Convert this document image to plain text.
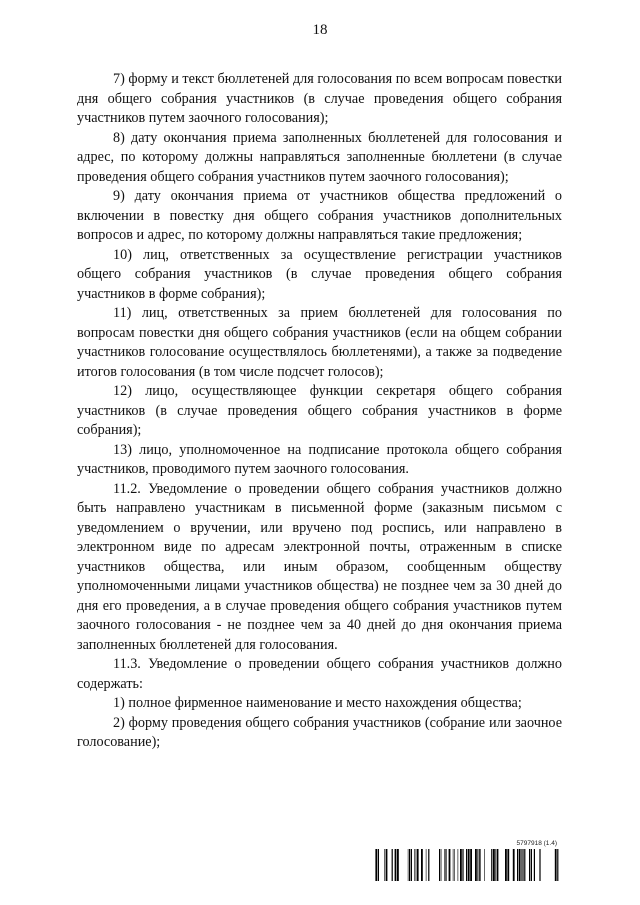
18

7) форму и текст бюллетеней для голосования по всем вопросам повестки дня общего собрания участников (в случае проведения общего собрания участников путем заочного голосования);

8) дату окончания приема заполненных бюллетеней для голосования и адрес, по которому должны направляться заполненные бюллетени (в случае проведения общего собрания участников путем заочного голосования);

9) дату окончания приема от участников общества предложений о включении в повестку дня общего собрания участников дополнительных вопросов и адрес, по которому должны направляться такие предложения;

10) лиц, ответственных за осуществление регистрации участников общего собрания участников (в случае проведения общего собрания участников в форме собрания);

11) лиц, ответственных за прием бюллетеней для голосования по вопросам повестки дня общего собрания участников (если на общем собрании участников голосование осуществлялось бюллетенями), а также за подведение итогов голосования (в том числе подсчет голосов);

12) лицо, осуществляющее функции секретаря общего собрания участников (в случае проведения общего собрания участников в форме собрания);

13) лицо, уполномоченное на подписание протокола общего собрания участников, проводимого путем заочного голосования.

11.2. Уведомление о проведении общего собрания участников должно быть направлено участникам в письменной форме (заказным письмом с уведомлением о вручении, или вручено под роспись, или направлено в электронном виде по адресам электронной почты, отраженным в списке участников общества, или иным образом, сообщенным обществу уполномоченными лицами участников общества) не позднее чем за 30 дней до дня его проведения, а в случае проведения общего собрания участников путем заочного голосования - не позднее чем за 40 дней до дня окончания приема заполненных бюллетеней для голосования.

11.3. Уведомление о проведении общего собрания участников должно содержать:

1) полное фирменное наименование и место нахождения общества;

2) форму проведения общего собрания участников (собрание или заочное голосование);

5797918 (1.4)
